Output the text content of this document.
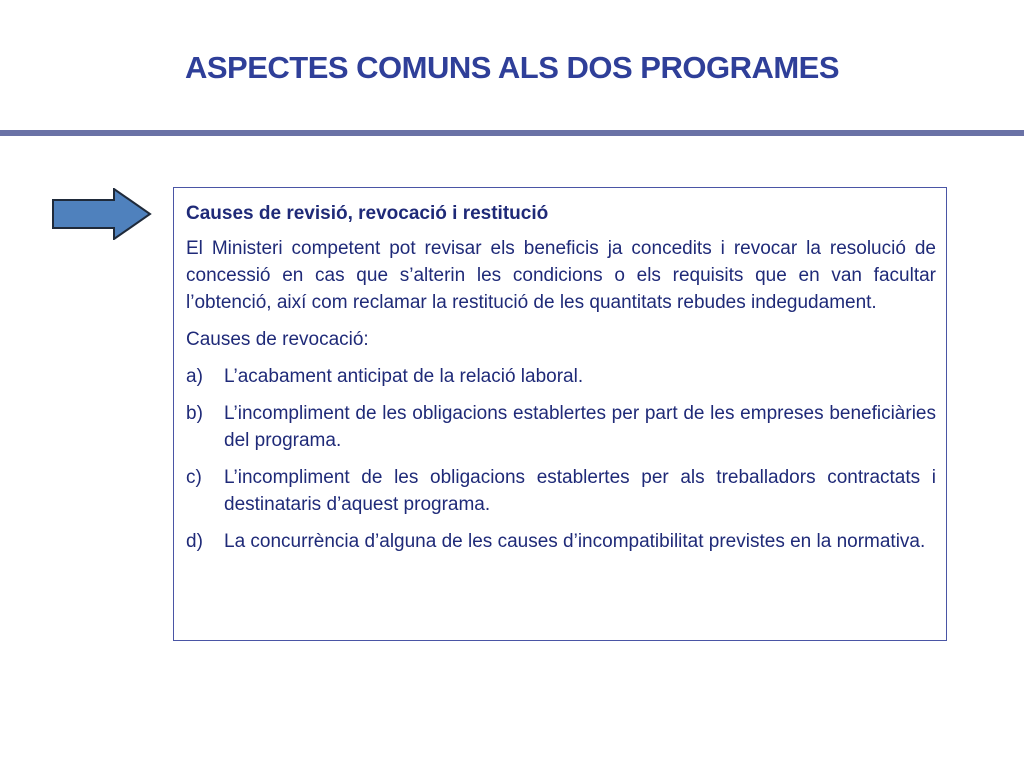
ASPECTES COMUNS ALS DOS PROGRAMES

Causes de revisió, revocació i restitució

El Ministeri competent pot revisar els beneficis ja concedits i revocar la resolució de concessió en cas que s’alterin les condicions o els requisits que en van facultar l’obtenció, així com reclamar la restitució de les quantitats rebudes indegudament.

Causes de revocació:

a)	L’acabament anticipat de la relació laboral.
b)	L’incompliment de les obligacions establertes per part de les empreses beneficiàries del programa.
c)	L’incompliment de les obligacions establertes per als treballadors contractats i destinataris d’aquest programa.
d)	La concurrència d’alguna de les causes d’incompatibilitat previstes en la normativa.
